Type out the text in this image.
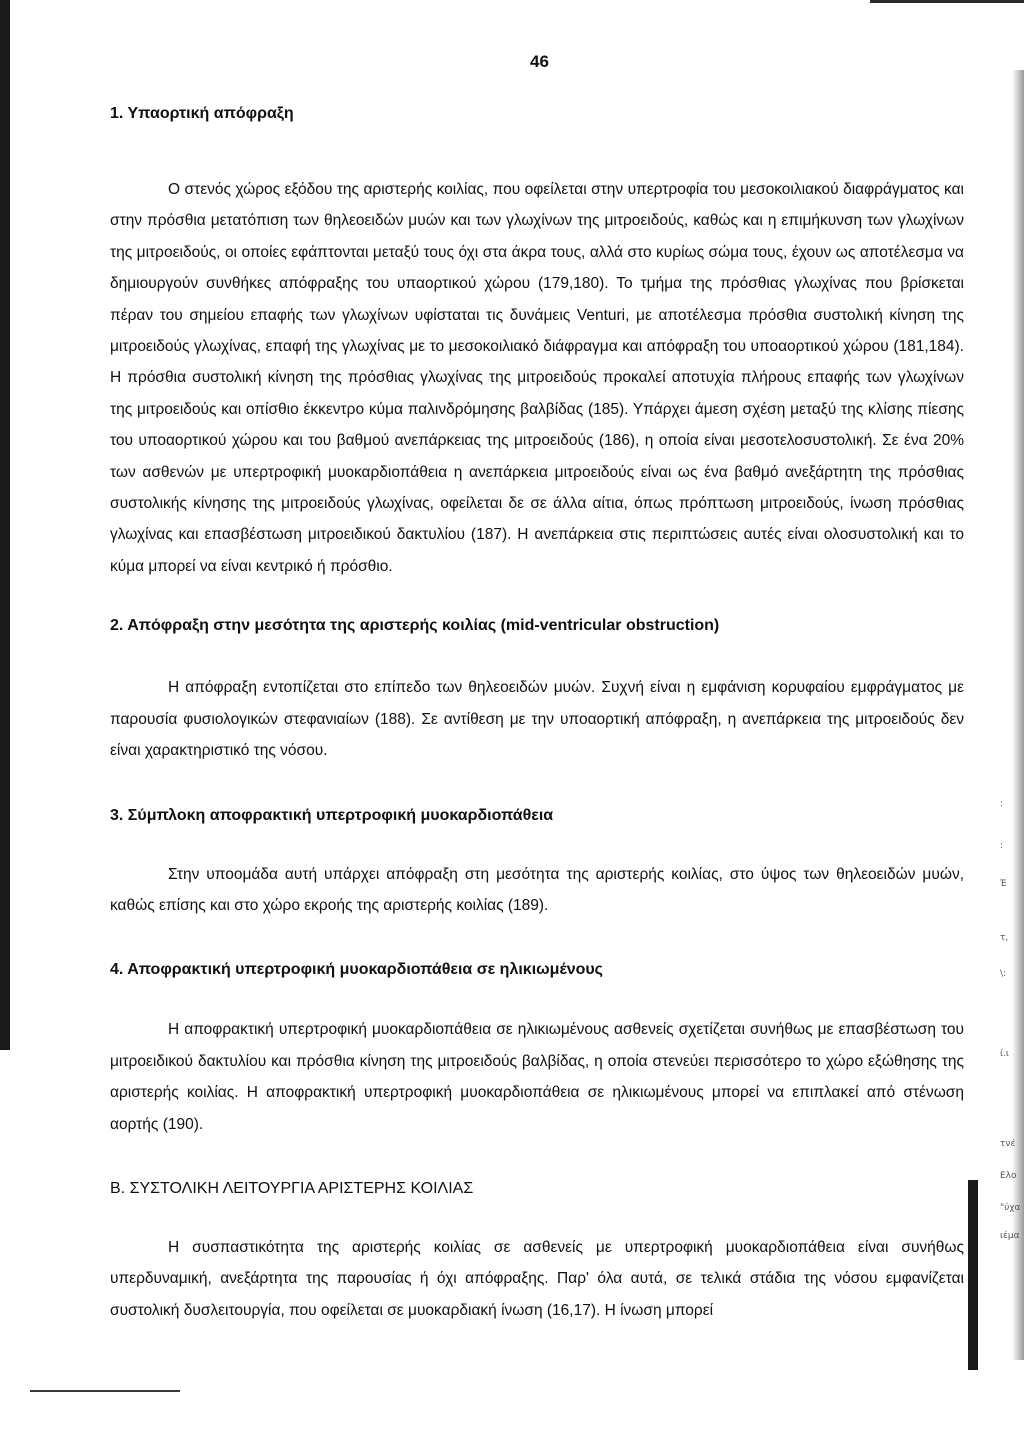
:
:
Έ
τ,
\:
ί.ι
τνέ
Ελο
"ύχα
ιέμα
46
1. Υπαορτική απόφραξη

Ο στενός χώρος εξόδου της αριστερής κοιλίας, που οφείλεται στην υπερτροφία του μεσοκοιλιακού διαφράγματος και στην πρόσθια μετατόπιση των θηλεοειδών μυών και των γλωχίνων της μιτροειδούς, καθώς και η επιμήκυνση των γλωχίνων της μιτροειδούς, οι οποίες εφάπτονται μεταξύ τους όχι στα άκρα τους, αλλά στο κυρίως σώμα τους, έχουν ως αποτέλεσμα να δημιουργούν συνθήκες απόφραξης του υπαορτικού χώρου (179,180). Το τμήμα της πρόσθιας γλωχίνας που βρίσκεται πέραν του σημείου επαφής των γλωχίνων υφίσταται τις δυνάμεις Venturi, με αποτέλεσμα πρόσθια συστολική κίνηση της μιτροειδούς γλωχίνας, επαφή της γλωχίνας με το μεσοκοιλιακό διάφραγμα και απόφραξη του υποαορτικού χώρου (181,184). Η πρόσθια συστολική κίνηση της πρόσθιας γλωχίνας της μιτροειδούς προκαλεί αποτυχία πλήρους επαφής των γλωχίνων της μιτροειδούς και οπίσθιο έκκεντρο κύμα παλινδρόμησης βαλβίδας (185). Υπάρχει άμεση σχέση μεταξύ της κλίσης πίεσης του υποαορτικού χώρου και του βαθμού ανεπάρκειας της μιτροειδούς (186), η οποία είναι μεσοτελοσυστολική. Σε ένα 20% των ασθενών με υπερτροφική μυοκαρδιοπάθεια η ανεπάρκεια μιτροειδούς είναι ως ένα βαθμό ανεξάρτητη της πρόσθιας συστολικής κίνησης της μιτροειδούς γλωχίνας, οφείλεται δε σε άλλα αίτια, όπως πρόπτωση μιτροειδούς, ίνωση πρόσθιας γλωχίνας και επασβέστωση μιτροειδικού δακτυλίου (187). Η ανεπάρκεια στις περιπτώσεις αυτές είναι ολοσυστολική και το κύμα μπορεί να είναι κεντρικό ή πρόσθιο.

2. Απόφραξη στην μεσότητα της αριστερής κοιλίας (mid-ventricular obstruction)

Η απόφραξη εντοπίζεται στο επίπεδο των θηλεοειδών μυών. Συχνή είναι η εμφάνιση κορυφαίου εμφράγματος με παρουσία φυσιολογικών στεφανιαίων (188). Σε αντίθεση με την υποαορτική απόφραξη, η ανεπάρκεια της μιτροειδούς δεν είναι χαρακτηριστικό της νόσου.

3. Σύμπλοκη αποφρακτική υπερτροφική μυοκαρδιοπάθεια

Στην υποομάδα αυτή υπάρχει απόφραξη στη μεσότητα της αριστερής κοιλίας, στο ύψος των θηλεοειδών μυών, καθώς επίσης και στο χώρο εκροής της αριστερής κοιλίας (189).

4. Αποφρακτική υπερτροφική μυοκαρδιοπάθεια σε ηλικιωμένους

Η αποφρακτική υπερτροφική μυοκαρδιοπάθεια σε ηλικιωμένους ασθενείς σχετίζεται συνήθως με επασβέστωση του μιτροειδικού δακτυλίου και πρόσθια κίνηση της μιτροειδούς βαλβίδας, η οποία στενεύει περισσότερο το χώρο εξώθησης της αριστερής κοιλίας. Η αποφρακτική υπερτροφική μυοκαρδιοπάθεια σε ηλικιωμένους μπορεί να επιπλακεί από στένωση αορτής (190).

Β. ΣΥΣΤΟΛΙΚΗ ΛΕΙΤΟΥΡΓΙΑ ΑΡΙΣΤΕΡΗΣ ΚΟΙΛΙΑΣ

Η συσπαστικότητα της αριστερής κοιλίας σε ασθενείς με υπερτροφική μυοκαρδιοπάθεια είναι συνήθως υπερδυναμική, ανεξάρτητα της παρουσίας ή όχι απόφραξης. Παρ' όλα αυτά, σε τελικά στάδια της νόσου εμφανίζεται συστολική δυσλειτουργία, που οφείλεται σε μυοκαρδιακή ίνωση (16,17). Η ίνωση μπορεί
